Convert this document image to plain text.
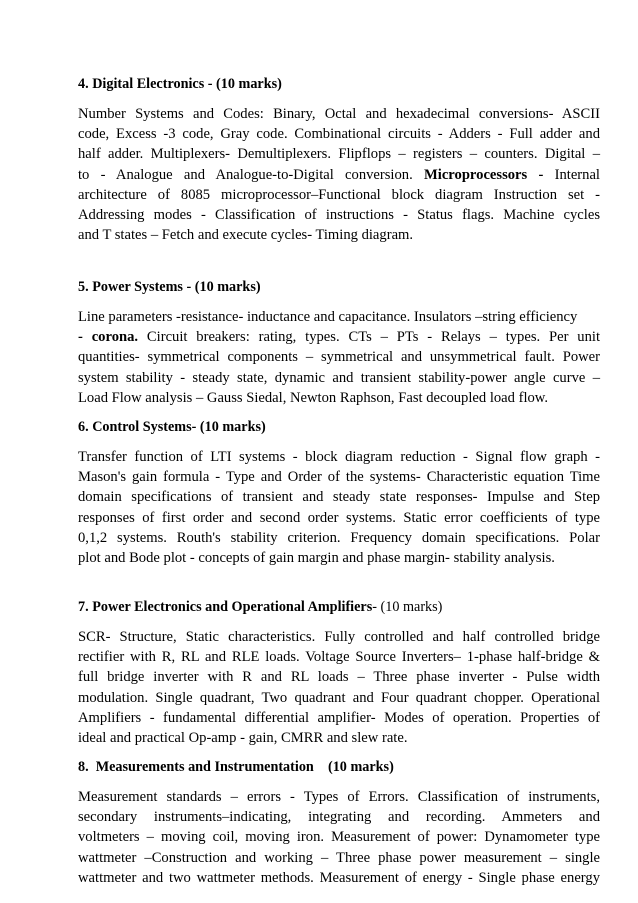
4. Digital Electronics - (10 marks)

Number Systems and Codes: Binary, Octal and hexadecimal conversions- ASCII
code, Excess -3 code, Gray code. Combinational circuits - Adders - Full adder and
half adder. Multiplexers- Demultiplexers. Flipflops – registers – counters. Digital –
to - Analogue and Analogue-to-Digital conversion. Microprocessors - Internal
architecture of 8085 microprocessor–Functional block diagram Instruction set -
Addressing modes - Classification of instructions - Status flags. Machine cycles
and T states – Fetch and execute cycles- Timing diagram.

5. Power Systems - (10 marks)

Line parameters -resistance- inductance and capacitance. Insulators –string efficiency
- corona. Circuit breakers: rating, types. CTs – PTs - Relays – types. Per unit
quantities- symmetrical components – symmetrical and unsymmetrical fault. Power
system stability - steady state, dynamic and transient stability-power angle curve –
Load Flow analysis – Gauss Siedal, Newton Raphson, Fast decoupled load flow.

6. Control Systems- (10 marks)

Transfer function of LTI systems - block diagram reduction - Signal flow graph -
Mason's gain formula - Type and Order of the systems- Characteristic equation Time
domain specifications of transient and steady state responses- Impulse and Step
responses of first order and second order systems. Static error coefficients of type
0,1,2 systems. Routh's stability criterion. Frequency domain specifications. Polar
plot and Bode plot - concepts of gain margin and phase margin- stability analysis.

7. Power Electronics and Operational Amplifiers- (10 marks)

SCR- Structure, Static characteristics. Fully controlled and half controlled bridge
rectifier with R, RL and RLE loads. Voltage Source Inverters– 1-phase half-bridge &
full bridge inverter with R and RL loads – Three phase inverter - Pulse width
modulation. Single quadrant, Two quadrant and Four quadrant chopper. Operational
Amplifiers - fundamental differential amplifier- Modes of operation. Properties of
ideal and practical Op-amp - gain, CMRR and slew rate.

8.  Measurements and Instrumentation    (10 marks)

Measurement standards – errors - Types of Errors. Classification of instruments,
secondary instruments–indicating, integrating and recording. Ammeters and
voltmeters – moving coil, moving iron. Measurement of power: Dynamometer type
wattmeter –Construction and working – Three phase power measurement – single
wattmeter and two wattmeter methods. Measurement of energy - Single phase energy
